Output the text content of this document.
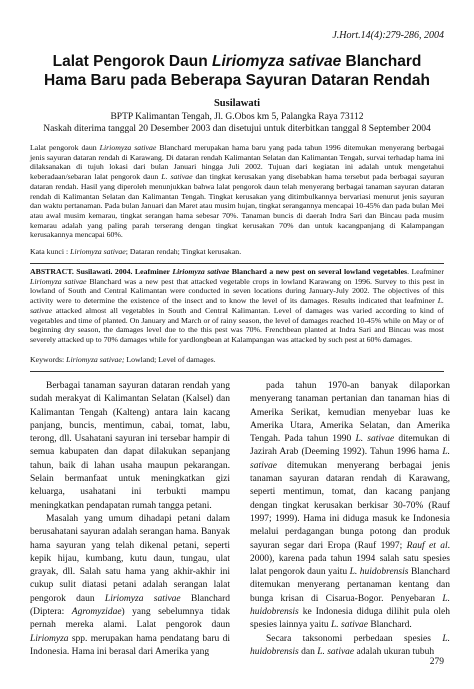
J.Hort.14(4):279-286, 2004
Lalat Pengorok Daun Liriomyza sativae Blanchard
Hama Baru pada Beberapa Sayuran Dataran Rendah
Susilawati
BPTP Kalimantan Tengah, Jl. G.Obos km 5, Palangka Raya 73112
Naskah diterima tanggal 20 Desember 2003 dan disetujui untuk diterbitkan tanggal 8 September 2004
Lalat pengorok daun Liriomyza sativae Blanchard merupakan hama baru yang pada tahun 1996 ditemukan menyerang berbagai jenis sayuran dataran rendah di Karawang. Di dataran rendah Kalimantan Selatan dan Kalimantan Tengah, survai terhadap hama ini dilaksanakan di tujuh lokasi dari bulan Januari hingga Juli 2002. Tujuan dari kegiatan ini adalah untuk mengetahui keberadaan/sebaran lalat pengorok daun L. sativae dan tingkat kerusakan yang disebabkan hama tersebut pada berbagai sayuran dataran rendah. Hasil yang diperoleh menunjukkan bahwa lalat pengorok daun telah menyerang berbagai tanaman sayuran dataran rendah di Kalimantan Selatan dan Kalimantan Tengah. Tingkat kerusakan yang ditimbulkannya bervariasi menurut jenis sayuran dan waktu pertanaman. Pada bulan Januari dan Maret atau musim hujan, tingkat serangannya mencapai 10-45% dan pada bulan Mei atau awal musim kemarau, tingkat serangan hama sebesar 70%. Tanaman buncis di daerah Indra Sari dan Bincau pada musim kemarau adalah yang paling parah terserang dengan tingkat kerusakan 70% dan untuk kacangpanjang di Kalampangan kerusakannya mencapai 60%.
Kata kunci : Liriomyza sativae; Dataran rendah; Tingkat kerusakan.
ABSTRACT. Susilawati. 2004. Leafminer Liriomyza sativae Blanchard a new pest on several lowland vegetables. Leafminer Liriomyza sativae Blanchard was a new pest that attacked vegetable crops in lowland Karawang on 1996. Survey to this pest in lowland of South and Central Kalimantan were conducted in seven locations during January-July 2002. The objectives of this activity were to determine the existence of the insect and to know the level of its damages. Results indicated that leafminer L. sativae attacked almost all vegetables in South and Central Kalimantan. Level of damages was varied according to kind of vegetables and time of planted. On January and March or of rainy season, the level of damages reached 10-45% while on May or of beginning dry season, the damages level due to the this pest was 70%. Frenchbean planted at Indra Sari and Bincau was most severely attacked up to 70% damages while for yardlongbean at Kalampangan was attacked by such pest at 60% damages.
Keywords: Liriomyza sativae; Lowland; Level of damages.

Berbagai tanaman sayuran dataran rendah yang sudah merakyat di Kalimantan Selatan (Kalsel) dan Kalimantan Tengah (Kalteng) antara lain kacang panjang, buncis, mentimun, cabai, tomat, labu, terong, dll. Usahatani sayuran ini tersebar hampir di semua kabupaten dan dapat dilakukan sepanjang tahun, baik di lahan usaha maupun pekarangan. Selain bermanfaat untuk meningkatkan gizi keluarga, usahatani ini terbukti mampu meningkatkan pendapatan rumah tangga petani.

Masalah yang umum dihadapi petani dalam berusahatani sayuran adalah serangan hama. Banyak hama sayuran yang telah dikenal petani, seperti kepik hijau, kumbang, kutu daun, tungau, ulat grayak, dll. Salah satu hama yang akhir-akhir ini cukup sulit diatasi petani adalah serangan lalat pengorok daun Liriomyza sativae Blanchard (Diptera: Agromyzidae) yang sebelumnya tidak pernah mereka alami. Lalat pengorok daun Liriomyza spp. merupakan hama pendatang baru di Indonesia. Hama ini berasal dari Amerika yang

pada tahun 1970-an banyak dilaporkan menyerang tanaman pertanian dan tanaman hias di Amerika Serikat, kemudian menyebar luas ke Amerika Utara, Amerika Selatan, dan Amerika Tengah. Pada tahun 1990 L. sativae ditemukan di Jazirah Arab (Deeming 1992). Tahun 1996 hama L. sativae ditemukan menyerang berbagai jenis tanaman sayuran dataran rendah di Karawang, seperti mentimun, tomat, dan kacang panjang dengan tingkat kerusakan berkisar 30-70% (Rauf 1997; 1999). Hama ini diduga masuk ke Indonesia melalui perdagangan bunga potong dan produk sayuran segar dari Eropa (Rauf 1997; Rauf et al. 2000), karena pada tahun 1994 salah satu spesies lalat pengorok daun yaitu L. huidobrensis Blanchard ditemukan menyerang pertanaman kentang dan bunga krisan di Cisarua-Bogor. Penyebaran L. huidobrensis ke Indonesia diduga dilihit pula oleh spesies lainnya yaitu L. sativae Blanchard.

Secara taksonomi perbedaan spesies L. huidobrensis dan L. sativae adalah ukuran tubuh

279
